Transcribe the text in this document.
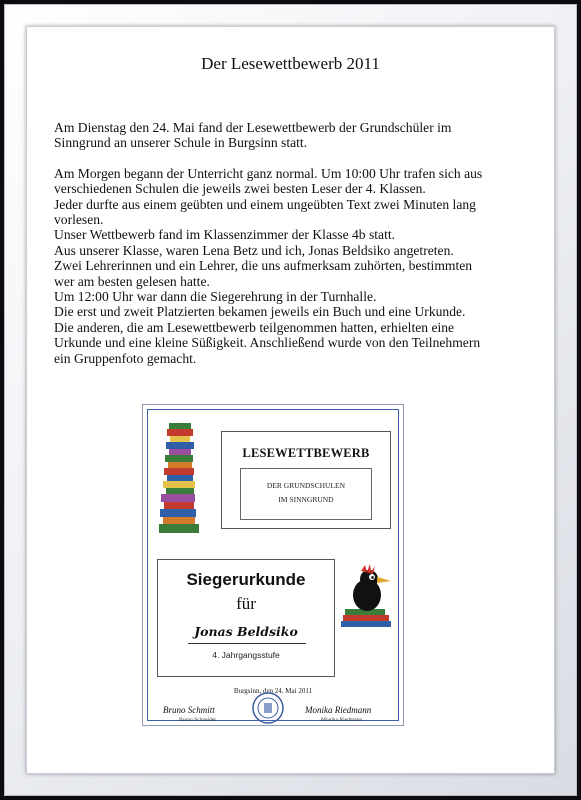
Der Lesewettbewerb 2011
Am Dienstag den 24. Mai fand der Lesewettbewerb der Grundschüler im
Sinngrund an unserer Schule in Burgsinn statt.
Am Morgen begann der Unterricht ganz normal. Um 10:00 Uhr trafen sich aus
verschiedenen Schulen die jeweils zwei besten Leser der 4. Klassen.
Jeder durfte aus einem geübten und einem ungeübten Text zwei Minuten lang
vorlesen.
Unser Wettbewerb fand im Klassenzimmer der Klasse 4b statt.
Aus unserer Klasse, waren Lena Betz und ich, Jonas Beldsiko angetreten.
Zwei Lehrerinnen und ein Lehrer, die uns aufmerksam zuhörten, bestimmten
wer am besten gelesen hatte.
Um 12:00 Uhr war dann die Siegerehrung in der Turnhalle.
Die erst und zweit Platzierten bekamen jeweils ein Buch und eine Urkunde.
Die anderen, die am Lesewettbewerb teilgenommen hatten, erhielten eine
Urkunde und eine kleine Süßigkeit. Anschließend wurde von den Teilnehmern
ein Gruppenfoto gemacht.
LESEWETTBEWERB
DER GRUNDSCHULEN
IM SINNGRUND
Siegerurkunde
für
Jonas Beldsiko
4. Jahrgangsstufe
Burgsinn, den 24. Mai 2011
Bruno Schmitt
Bruno Schneider
Monika Riedmann
Monika Riedmann
